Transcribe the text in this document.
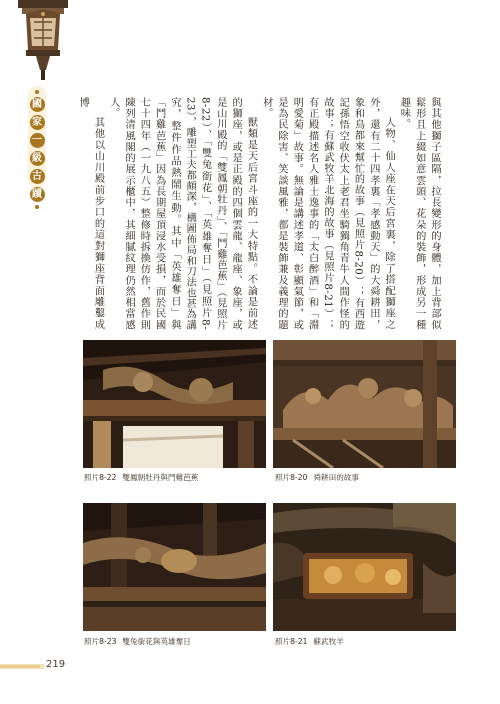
國
家
一
級
古
蹟

與其他獅子區隔，拉長變形的身體，加上背部似鬆形且上綴如意雲頭、花朵的裝飾，形成另一種趣味。

人物、仙人座在天后宮裏，除了搭配獅座之外，還有二十四孝裏「孝感動天」的大舜耕田，象和鳥都來幫忙的故事（見照片8-20）；有西遊記孫悟空收伏太上老君坐騎獨角青牛人間作怪的故事；有蘇武牧羊北海的故事（見照片8-21）；有正殿描述名人雅士逸事的「太白醉酒」和「淵明愛菊」故事。無論是講述孝道、彰顯氣節，或是為民除害、笑談風雅，都是裝飾兼及義理的題材。

獸類是天后宮斗座的一大特點。不論是前述的獅座，或是正殿的四個雲龍、龍座、象座，或是山川殿的「雙鳳朝牡丹」、「鬥雞芭蕉」（見照片8-22）、「雙兔銜花」、「英雄奪日」（見照片8-23），雕塑工夫都頗深，構圖佈局和刀法也甚為講究，整件作品熱鬧生動。其中「英雄奪日」與「鬥雞芭蕉」因為長期屋頂浸水受損，而於民國七十四年（一九八五）整修時拆換仿作，舊作則陳列清風閣的展示櫃中，其細膩紋理仍然相當感人。

其他以山川殿前步口的這對獅座背面雕鑿成博

照片8-22 雙鳳朝牡丹與鬥雞芭蕉	照片8-20 舜耕田的故事
照片8-23 雙兔銜花與英雄奪日	照片8-21 蘇武牧羊
219
